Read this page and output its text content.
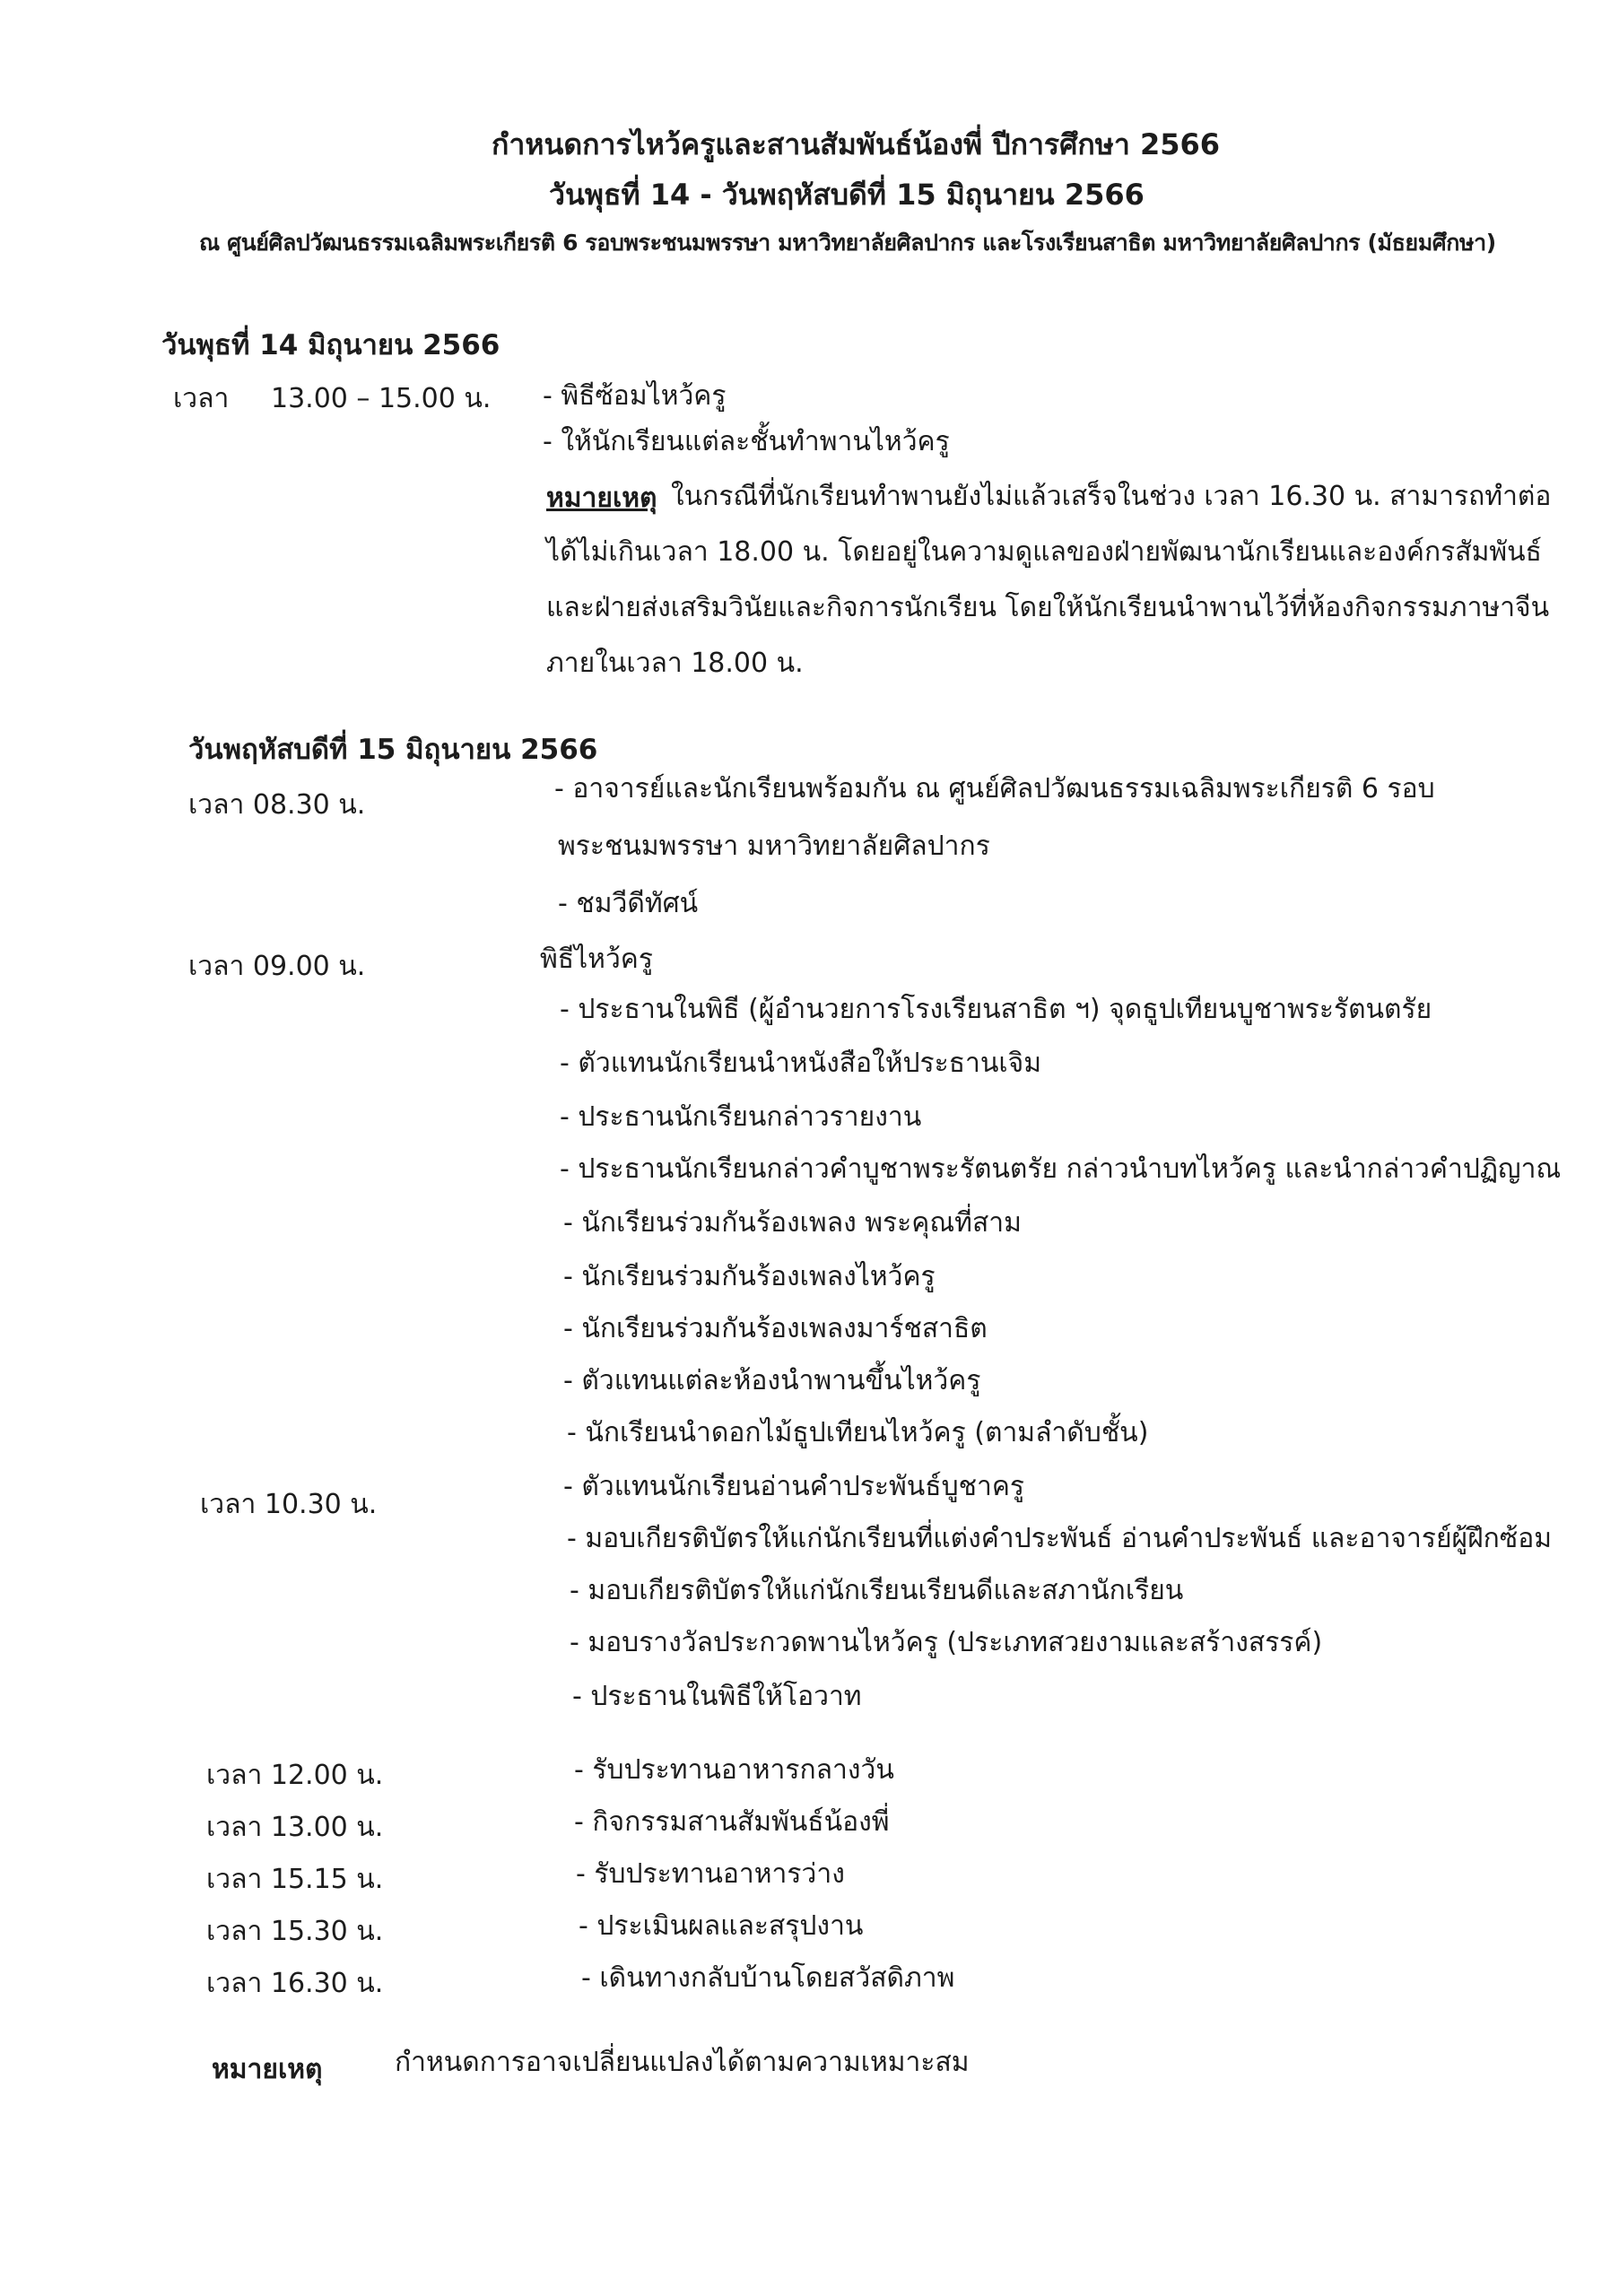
กำหนดการไหว้ครูและสานสัมพันธ์น้องพี่ ปีการศึกษา 2566
วันพุธที่ 14 - วันพฤหัสบดีที่ 15 มิถุนายน 2566
ณ ศูนย์ศิลปวัฒนธรรมเฉลิมพระเกียรติ 6 รอบพระชนมพรรษา มหาวิทยาลัยศิลปากร และโรงเรียนสาธิต มหาวิทยาลัยศิลปากร (มัธยมศึกษา)
วันพุธที่ 14 มิถุนายน 2566
เวลา 13.00 – 15.00 น. - พิธีซ้อมไหว้ครู
- ให้นักเรียนแต่ละชั้นทำพานไหว้ครู
หมายเหตุ ในกรณีที่นักเรียนทำพานยังไม่แล้วเสร็จในช่วง เวลา 16.30 น. สามารถทำต่อ
ได้ไม่เกินเวลา 18.00 น. โดยอยู่ในความดูแลของฝ่ายพัฒนานักเรียนและองค์กรสัมพันธ์
และฝ่ายส่งเสริมวินัยและกิจการนักเรียน โดยให้นักเรียนนำพานไว้ที่ห้องกิจกรรมภาษาจีน
ภายในเวลา 18.00 น.
วันพฤหัสบดีที่ 15 มิถุนายน 2566
เวลา 08.30 น.
เวลา 09.00 น.
เวลา 10.30 น.
เวลา 12.00 น.
เวลา 13.00 น.
เวลา 15.15 น.
เวลา 15.30 น.
เวลา 16.30 น.
- อาจารย์และนักเรียนพร้อมกัน ณ ศูนย์ศิลปวัฒนธรรมเฉลิมพระเกียรติ 6 รอบ
พระชนมพรรษา มหาวิทยาลัยศิลปากร
- ชมวีดีทัศน์
พิธีไหว้ครู
- ประธานในพิธี (ผู้อำนวยการโรงเรียนสาธิต ฯ) จุดธูปเทียนบูชาพระรัตนตรัย
- ตัวแทนนักเรียนนำหนังสือให้ประธานเจิม
- ประธานนักเรียนกล่าวรายงาน
- ประธานนักเรียนกล่าวคำบูชาพระรัตนตรัย กล่าวนำบทไหว้ครู และนำกล่าวคำปฏิญาณ
- นักเรียนร่วมกันร้องเพลง พระคุณที่สาม
- นักเรียนร่วมกันร้องเพลงไหว้ครู
- นักเรียนร่วมกันร้องเพลงมาร์ชสาธิต
- ตัวแทนแต่ละห้องนำพานขึ้นไหว้ครู
- นักเรียนนำดอกไม้ธูปเทียนไหว้ครู (ตามลำดับชั้น)
- ตัวแทนนักเรียนอ่านคำประพันธ์บูชาครู
- มอบเกียรติบัตรให้แก่นักเรียนที่แต่งคำประพันธ์ อ่านคำประพันธ์ และอาจารย์ผู้ฝึกซ้อม
- มอบเกียรติบัตรให้แก่นักเรียนเรียนดีและสภานักเรียน
- มอบรางวัลประกวดพานไหว้ครู (ประเภทสวยงามและสร้างสรรค์)
- ประธานในพิธีให้โอวาท
- รับประทานอาหารกลางวัน
- กิจกรรมสานสัมพันธ์น้องพี่
- รับประทานอาหารว่าง
- ประเมินผลและสรุปงาน
- เดินทางกลับบ้านโดยสวัสดิภาพ
หมายเหตุ	กำหนดการอาจเปลี่ยนแปลงได้ตามความเหมาะสม
